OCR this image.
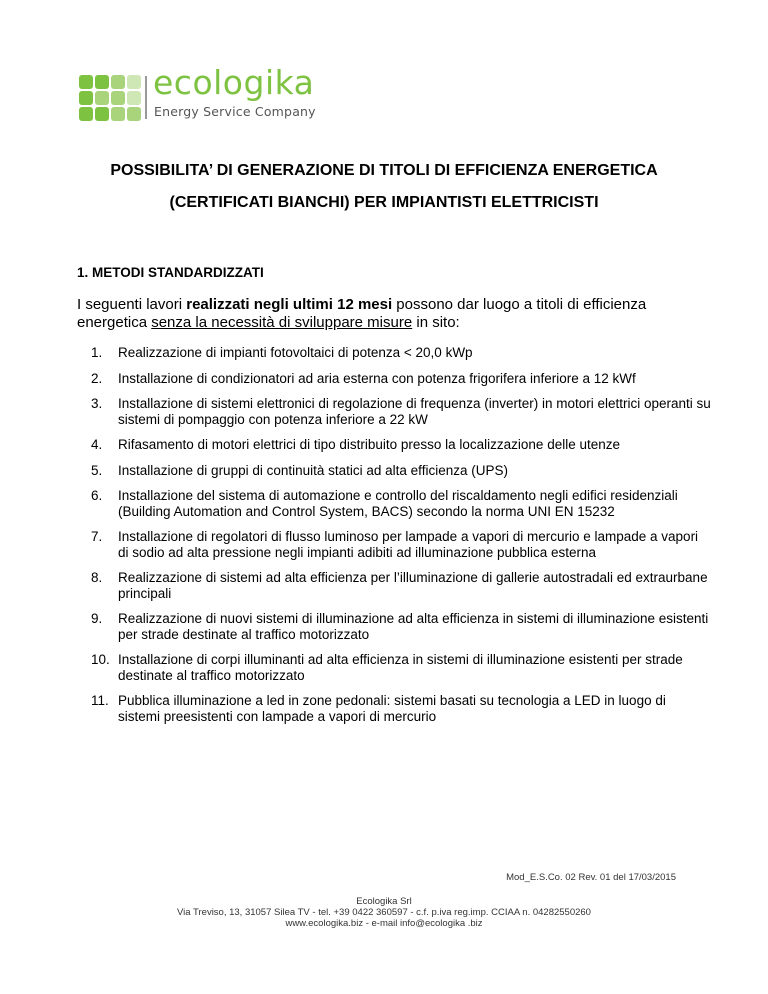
ecologika
Energy Service Company
POSSIBILITA’ DI GENERAZIONE DI TITOLI DI EFFICIENZA ENERGETICA
(CERTIFICATI BIANCHI) PER IMPIANTISTI ELETTRICISTI
1. METODI STANDARDIZZATI
I seguenti lavori realizzati negli ultimi 12 mesi possono dar luogo a titoli di efficienza energetica senza la necessità di sviluppare misure in sito:
1. Realizzazione di impianti fotovoltaici di potenza < 20,0 kWp
2. Installazione di condizionatori ad aria esterna con potenza frigorifera inferiore a 12 kWf
3. Installazione di sistemi elettronici di regolazione di frequenza (inverter) in motori elettrici operanti su sistemi di pompaggio con potenza inferiore a 22 kW
4. Rifasamento di motori elettrici di tipo distribuito presso la localizzazione delle utenze
5. Installazione di gruppi di continuità statici ad alta efficienza (UPS)
6. Installazione del sistema di automazione e controllo del riscaldamento negli edifici residenziali (Building Automation and Control System, BACS) secondo la norma UNI EN 15232
7. Installazione di regolatori di flusso luminoso per lampade a vapori di mercurio e lampade a vapori di sodio ad alta pressione negli impianti adibiti ad illuminazione pubblica esterna
8. Realizzazione di sistemi ad alta efficienza per l’illuminazione di gallerie autostradali ed extraurbane principali
9. Realizzazione di nuovi sistemi di illuminazione ad alta efficienza in sistemi di illuminazione esistenti per strade destinate al traffico motorizzato
10. Installazione di corpi illuminanti ad alta efficienza in sistemi di illuminazione esistenti per strade destinate al traffico motorizzato
11. Pubblica illuminazione a led in zone pedonali: sistemi basati su tecnologia a LED in luogo di sistemi preesistenti con lampade a vapori di mercurio
Mod_E.S.Co. 02 Rev. 01 del 17/03/2015
Ecologika Srl
Via Treviso, 13, 31057 Silea TV - tel. +39 0422 360597 - c.f. p.iva reg.imp. CCIAA n. 04282550260
www.ecologika.biz - e-mail info@ecologika .biz
